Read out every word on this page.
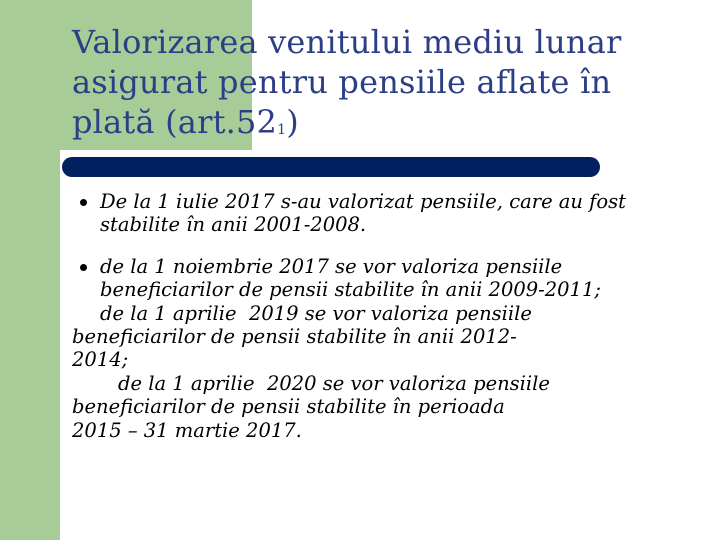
Valorizarea venitului mediu lunar asigurat pentru pensiile aflate în plată $(art.52_1)$
De la 1 iulie 2017 s-au valorizat pensiile, care au fost stabilite în anii 2001-2008.
de la 1 noiembrie 2017 se vor valoriza pensiile beneficiarilor de pensii stabilite în anii 2009-2011;
de la 1 aprilie  2019 se vor valoriza pensiile
beneficiarilor de pensii stabilite în anii 2012-
2014;
de la 1 aprilie  2020 se vor valoriza pensiile
beneficiarilor de pensii stabilite în perioada
2015 – 31 martie 2017.
